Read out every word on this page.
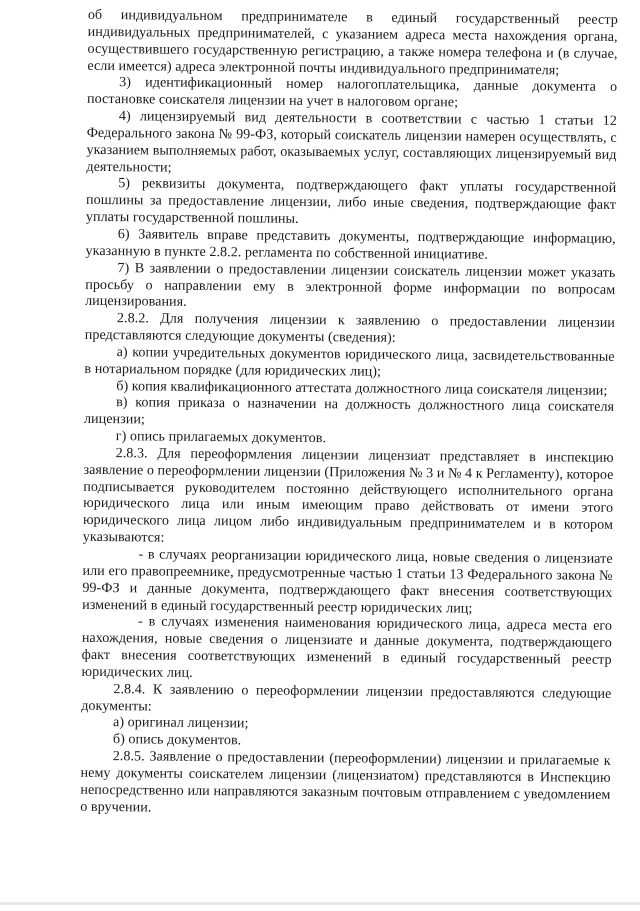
об индивидуальном предпринимателе в единый государственный реестр индивидуальных предпринимателей, с указанием адреса места нахождения органа, осуществившего государственную регистрацию, а также номера телефона и (в случае, если имеется) адреса электронной почты индивидуального предпринимателя;

3) идентификационный номер налогоплательщика, данные документа о постановке соискателя лицензии на учет в налоговом органе;

4) лицензируемый вид деятельности в соответствии с частью 1 статьи 12 Федерального закона № 99-ФЗ, который соискатель лицензии намерен осуществлять, с указанием выполняемых работ, оказываемых услуг, составляющих лицензируемый вид деятельности;

5) реквизиты документа, подтверждающего факт уплаты государственной пошлины за предоставление лицензии, либо иные сведения, подтверждающие факт уплаты государственной пошлины.

6) Заявитель вправе представить документы, подтверждающие информацию, указанную в пункте 2.8.2. регламента по собственной инициативе.

7) В заявлении о предоставлении лицензии соискатель лицензии может указать просьбу о направлении ему в электронной форме информации по вопросам лицензирования.

2.8.2. Для получения лицензии к заявлению о предоставлении лицензии представляются следующие документы (сведения):

а) копии учредительных документов юридического лица, засвидетельствованные в нотариальном порядке (для юридических лиц);

б) копия квалификационного аттестата должностного лица соискателя лицензии;

в) копия приказа о назначении на должность должностного лица соискателя лицензии;

г) опись прилагаемых документов.

2.8.3. Для переоформления лицензии лицензиат представляет в инспекцию заявление о переоформлении лицензии (Приложения № 3 и № 4 к Регламенту), которое подписывается руководителем постоянно действующего исполнительного органа юридического лица или иным имеющим право действовать от имени этого юридического лица лицом либо индивидуальным предпринимателем и в котором указываются:

- в случаях реорганизации юридического лица, новые сведения о лицензиате или его правопреемнике, предусмотренные частью 1 статьи 13 Федерального закона № 99-ФЗ и данные документа, подтверждающего факт внесения соответствующих изменений в единый государственный реестр юридических лиц;

- в случаях изменения наименования юридического лица, адреса места его нахождения, новые сведения о лицензиате и данные документа, подтверждающего факт внесения соответствующих изменений в единый государственный реестр юридических лиц.

2.8.4. К заявлению о переоформлении лицензии предоставляются следующие документы:

а) оригинал лицензии;

б) опись документов.

2.8.5. Заявление о предоставлении (переоформлении) лицензии и прилагаемые к нему документы соискателем лицензии (лицензиатом) представляются в Инспекцию непосредственно или направляются заказным почтовым отправлением с уведомлением о вручении.
